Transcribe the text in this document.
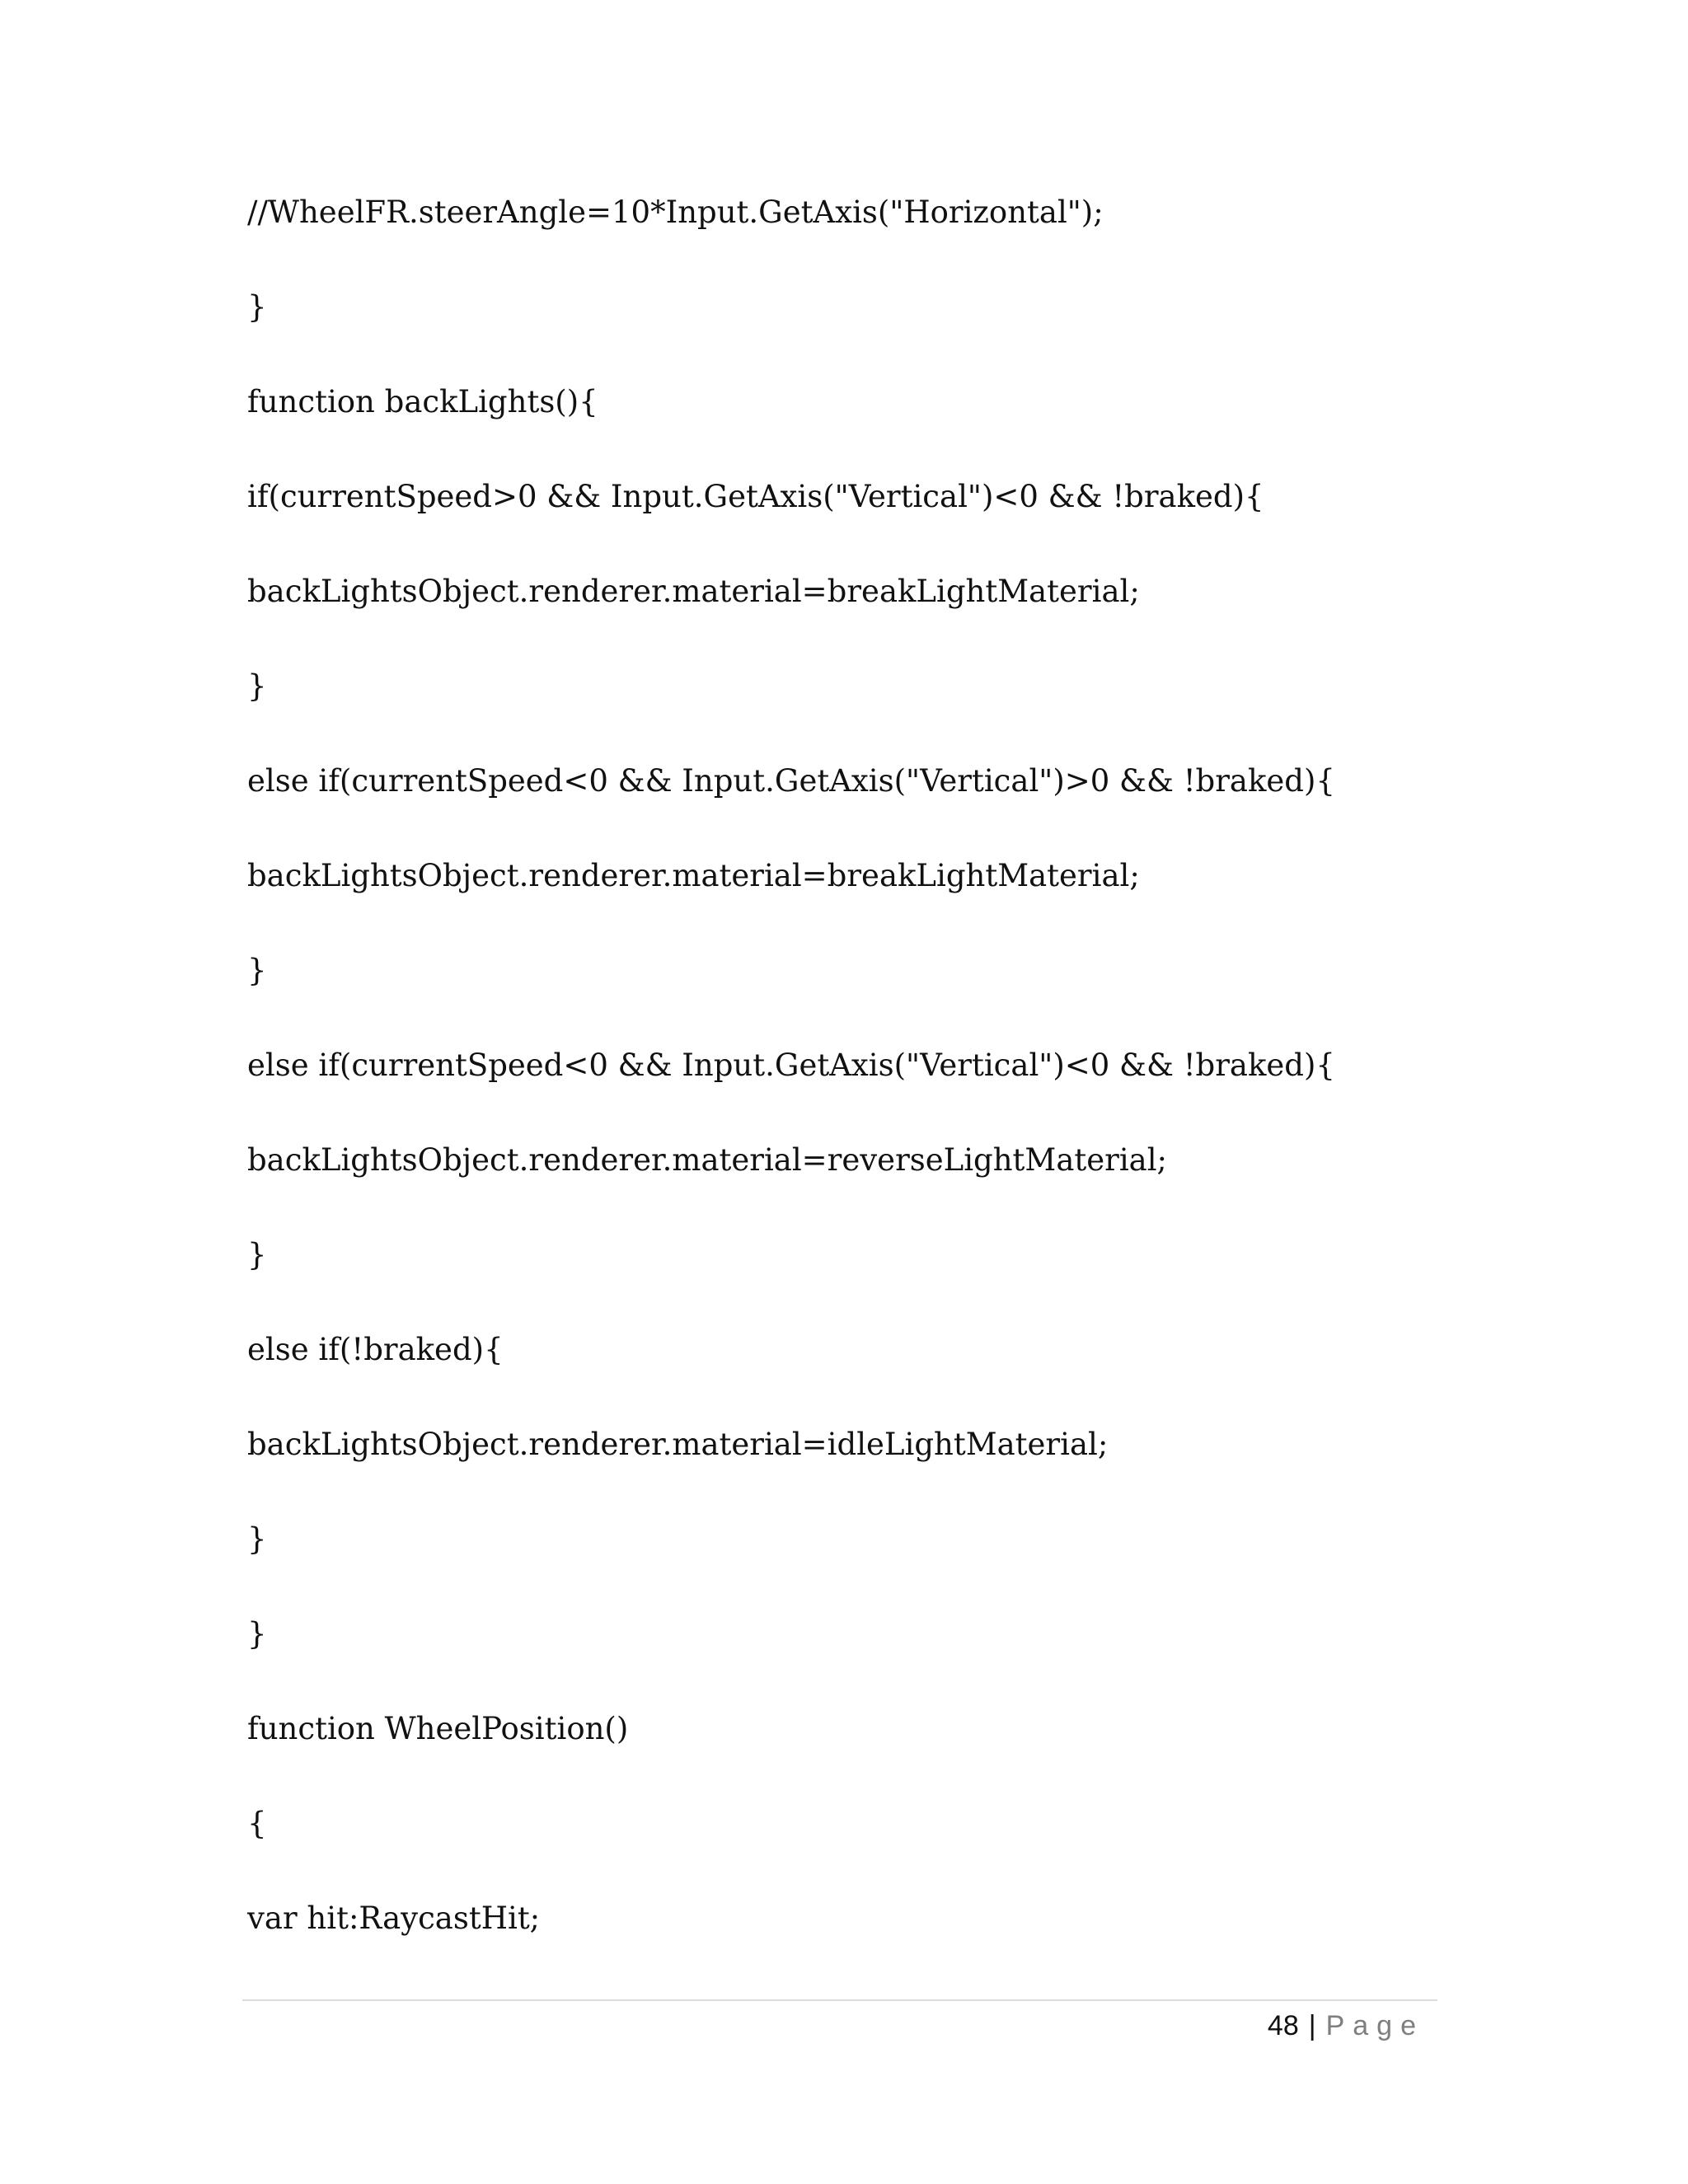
//WheelFR.steerAngle=10*Input.GetAxis("Horizontal");
}
function backLights(){
if(currentSpeed>0 && Input.GetAxis("Vertical")<0 && !braked){
backLightsObject.renderer.material=breakLightMaterial;
}
else if(currentSpeed<0 && Input.GetAxis("Vertical")>0 && !braked){
backLightsObject.renderer.material=breakLightMaterial;
}
else if(currentSpeed<0 && Input.GetAxis("Vertical")<0 && !braked){
backLightsObject.renderer.material=reverseLightMaterial;
}
else if(!braked){
backLightsObject.renderer.material=idleLightMaterial;
}
}
function WheelPosition()
{
var hit:RaycastHit;
48 | Page
